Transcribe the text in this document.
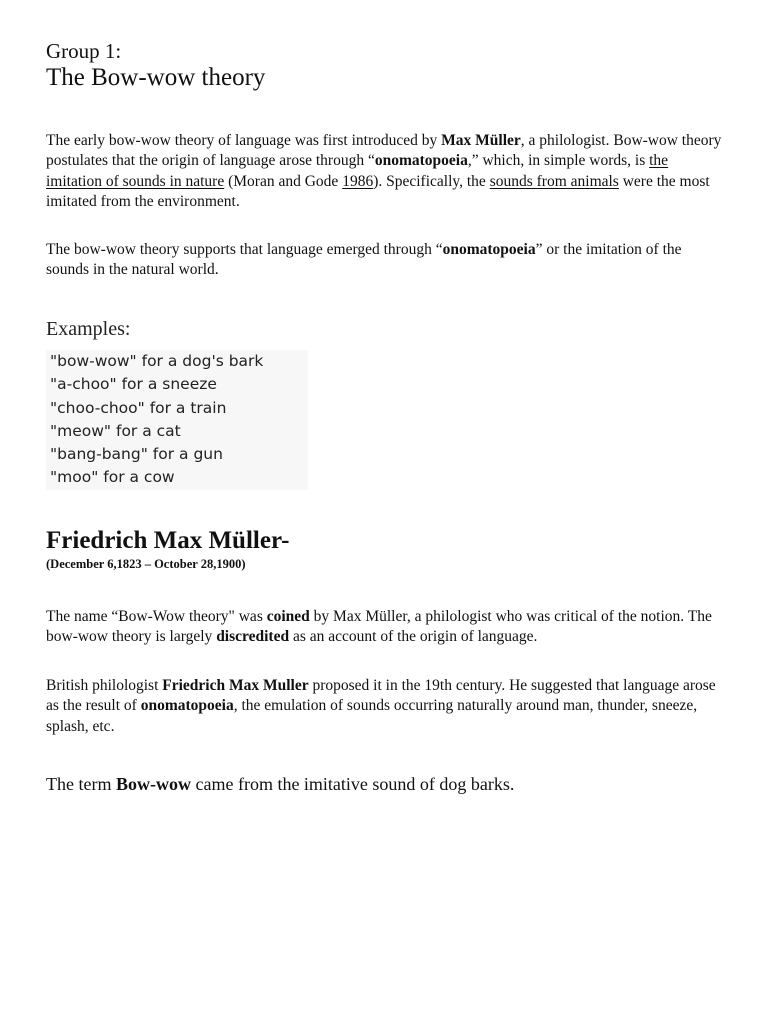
Group 1:
The Bow-wow theory

The early bow-wow theory of language was first introduced by Max Müller, a philologist. Bow-wow theory postulates that the origin of language arose through “onomatopoeia,” which, in simple words, is the imitation of sounds in nature (Moran and Gode 1986). Specifically, the sounds from animals were the most imitated from the environment.

The bow-wow theory supports that language emerged through “onomatopoeia” or the imitation of the sounds in the natural world.

Examples:
"bow-wow" for a dog's bark
"a-choo" for a sneeze
"choo-choo" for a train
"meow" for a cat
"bang-bang" for a gun
"moo" for a cow
Friedrich Max Müller-
(December 6,1823 – October 28,1900)

The name “Bow-Wow theory" was coined by Max Müller, a philologist who was critical of the notion. The bow-wow theory is largely discredited as an account of the origin of language.

British philologist Friedrich Max Muller proposed it in the 19th century. He suggested that language arose as the result of onomatopoeia, the emulation of sounds occurring naturally around man, thunder, sneeze, splash, etc.

The term Bow-wow came from the imitative sound of dog barks.
